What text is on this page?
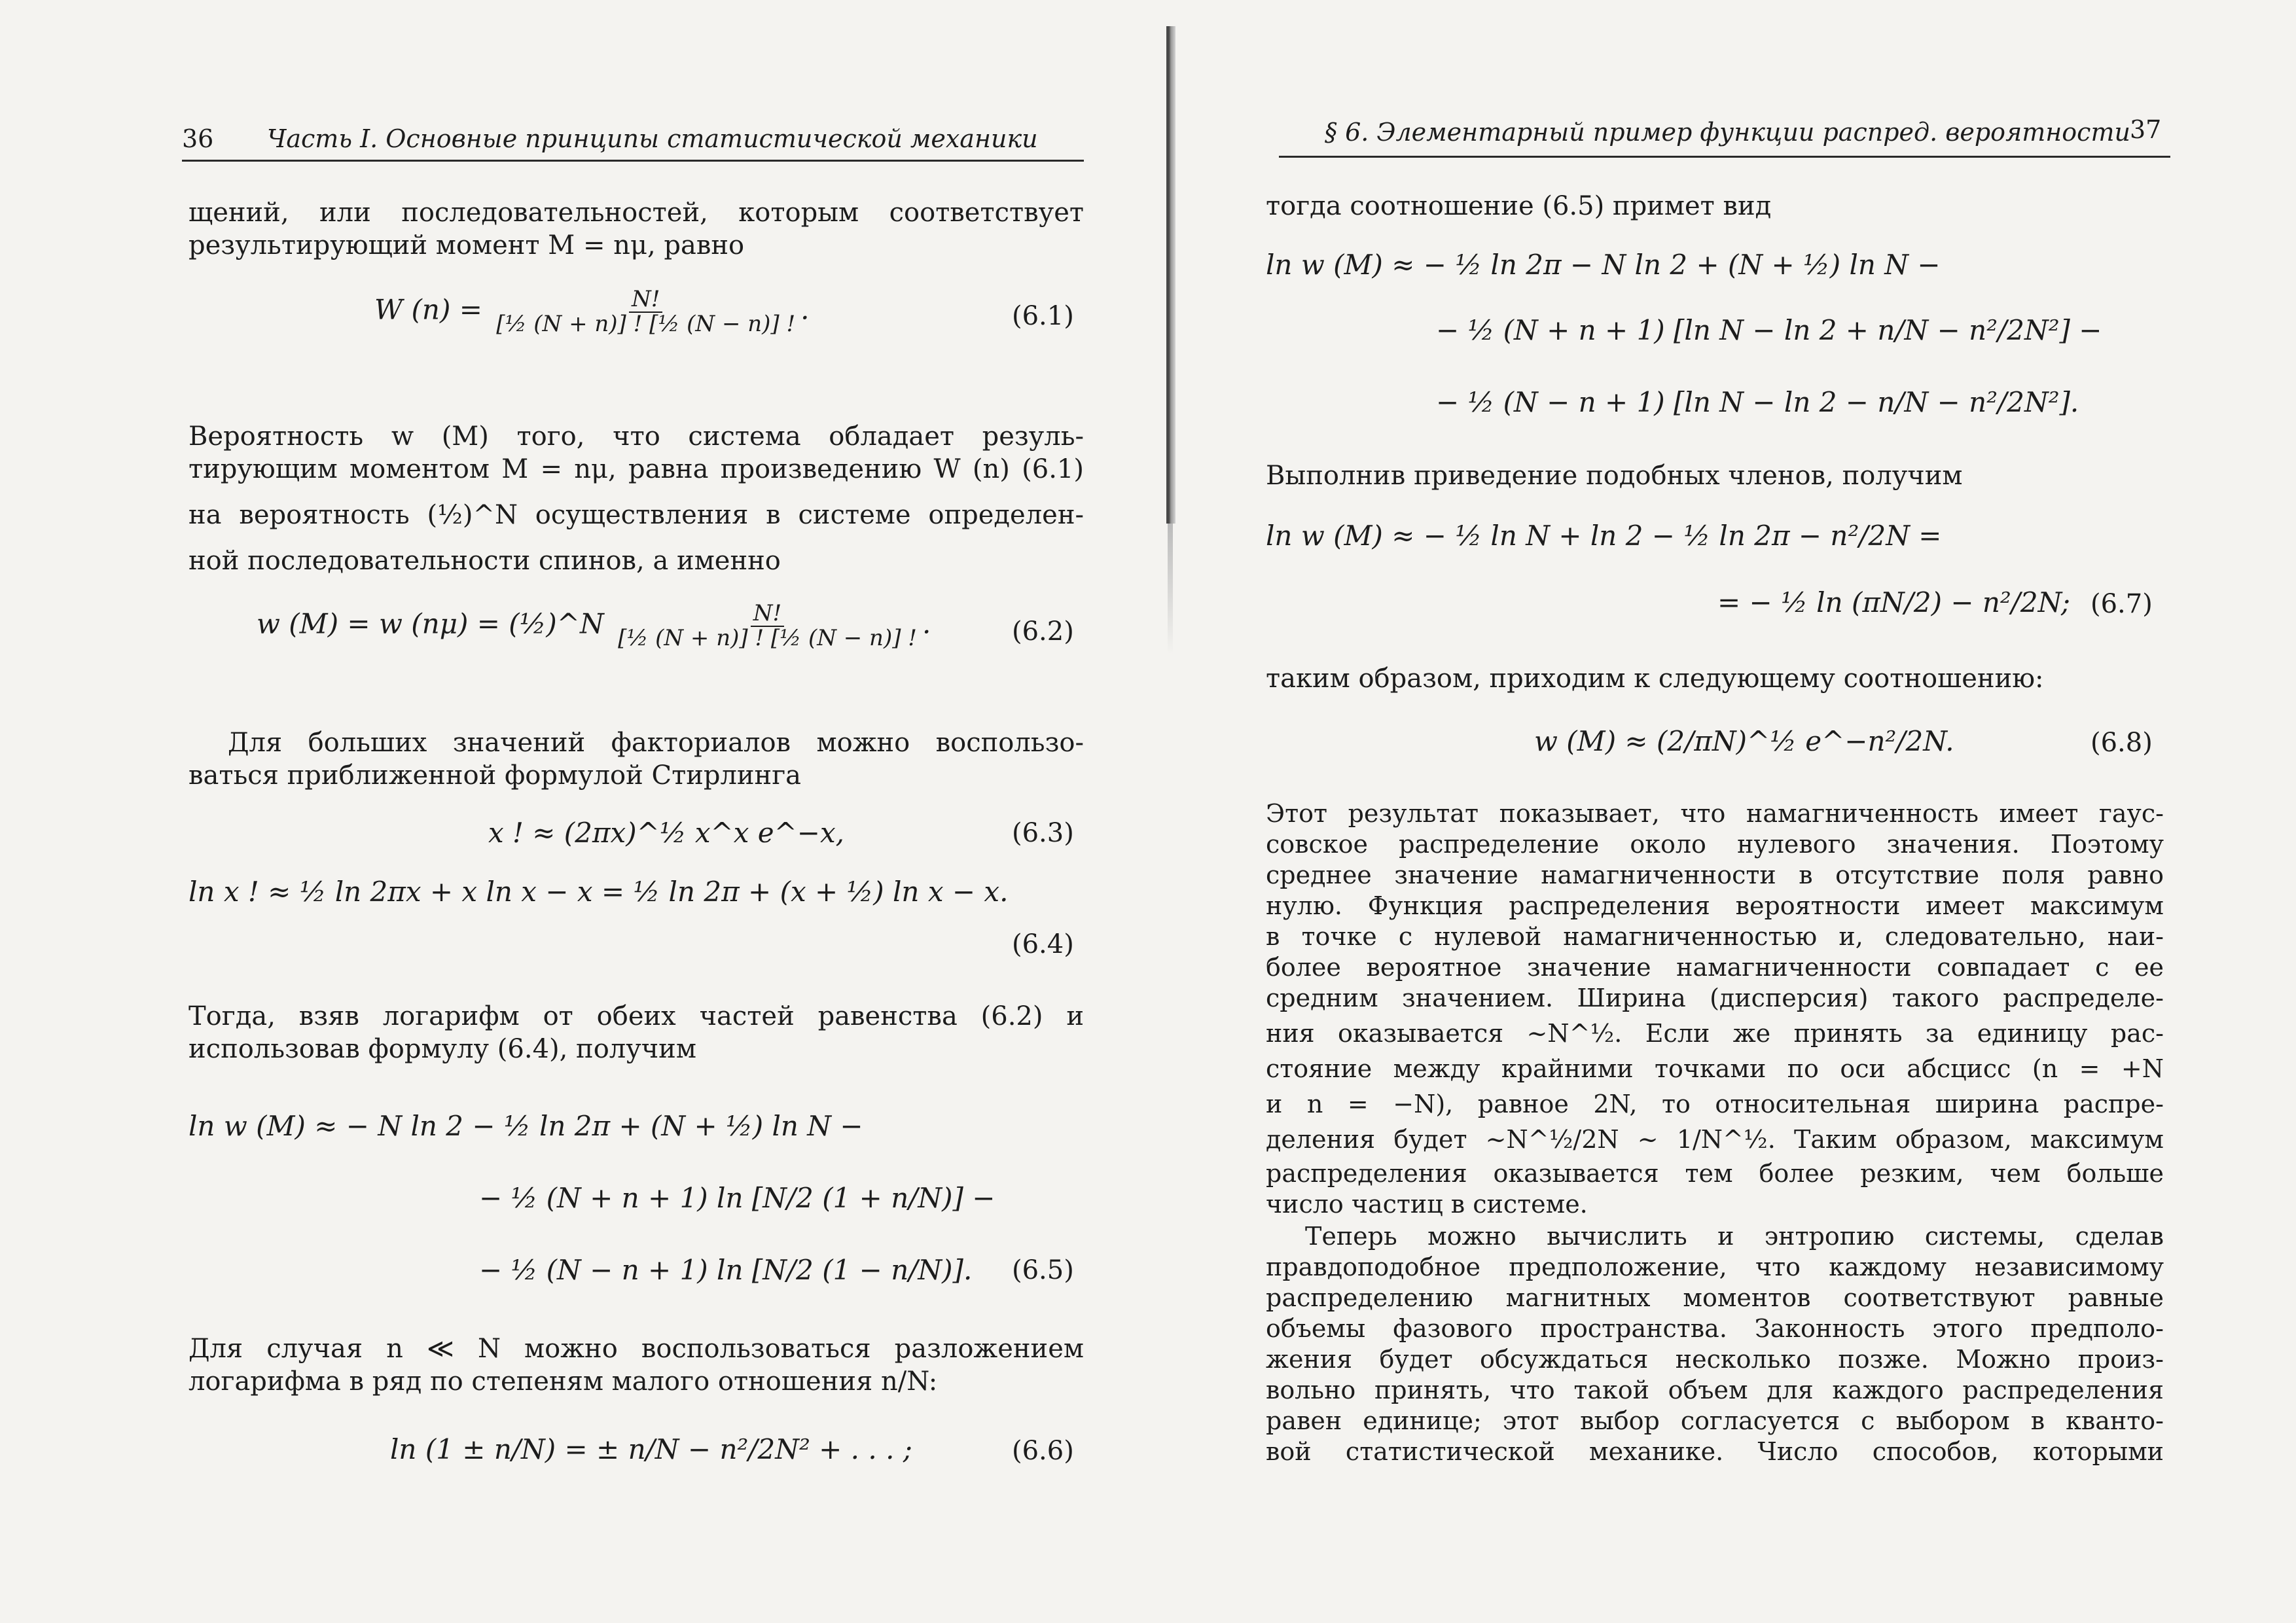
36 Часть I. Основные принципы статистической механики
щений, или последовательностей, которым соответствует
результирующий момент M = nμ, равно
W $(n) = \frac{N!}{\text{[½ (N + n)] ! [½ (N − n)] !}}$ .	(6.1)
Вероятность w (M) того, что система обладает резуль-
тирующим моментом M = nμ, равна произведению W (n) (6.1)
на вероятность (½)^N осуществления в системе определен-
ной последовательности спинов, а именно
w (M) = w (nμ) = (½)^N $\frac{N!}{\text{[½ (N + n)] ! [½ (N − n)] !}}$ .	(6.2)
Для больших значений факториалов можно воспользо-
ваться приближенной формулой Стирлинга
x ! ≈ (2πx)^½ x^x e^−x,	(6.3)
ln x ! ≈ ½ ln 2πx + x ln x − x = ½ ln 2π + (x + ½) ln x − x.
(6.4)
Тогда, взяв логарифм от обеих частей равенства (6.2) и
использовав формулу (6.4), получим
ln w (M) ≈ − N ln 2 − ½ ln 2π + (N + ½) ln N −
− ½ (N + n + 1) ln [N/2 (1 + n/N)] −
− ½ (N − n + 1) ln [N/2 (1 − n/N)]. (6.5)
Для случая n ≪ N можно воспользоваться разложением
логарифма в ряд по степеням малого отношения n/N:
ln (1 ± n/N) = ± n/N − n²/2N² + . . . ;	(6.6)
§ 6. Элементарный пример функции распред. вероятности 37
тогда соотношение (6.5) примет вид
ln w (M) ≈ − ½ ln 2π − N ln 2 + (N + ½) ln N −
− ½ (N + n + 1) [ln N − ln 2 + n/N − n²/2N²] −
− ½ (N − n + 1) [ln N − ln 2 − n/N − n²/2N²].
Выполнив приведение подобных членов, получим
ln w (M) ≈ − ½ ln N + ln 2 − ½ ln 2π − n²/2N =
= − ½ ln (πN/2) − n²/2N; (6.7)
таким образом, приходим к следующему соотношению:
w (M) ≈ (2/πN)^½ e^−n²/2N.	(6.8)
Этот результат показывает, что намагниченность имеет гаус-
совское распределение около нулевого значения. Поэтому
среднее значение намагниченности в отсутствие поля равно
нулю. Функция распределения вероятности имеет максимум
в точке с нулевой намагниченностью и, следовательно, наи-
более вероятное значение намагниченности совпадает с ее
средним значением. Ширина (дисперсия) такого распределе-
ния оказывается ~N^½. Если же принять за единицу рас-
стояние между крайними точками по оси абсцисс (n = +N
и n = −N), равное 2N, то относительная ширина распре-
деления будет ~N^½/2N ~ 1/N^½. Таким образом, максимум
распределения оказывается тем более резким, чем больше
число частиц в системе.
Теперь можно вычислить и энтропию системы, сделав
правдоподобное предположение, что каждому независимому
распределению магнитных моментов соответствуют равные
объемы фазового пространства. Законность этого предполо-
жения будет обсуждаться несколько позже. Можно произ-
вольно принять, что такой объем для каждого распределения
равен единице; этот выбор согласуется с выбором в кванто-
вой статистической механике. Число способов, которыми
